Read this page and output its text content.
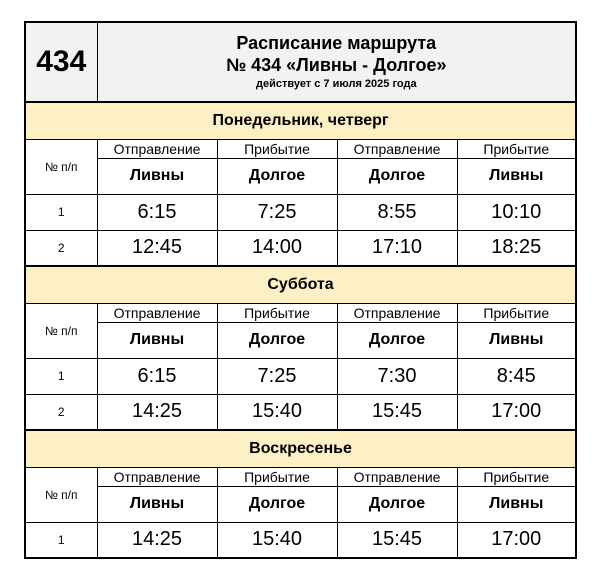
434	Расписание маршрута
№ 434 «Ливны - Долгое»
действует с 7 июля 2025 года			

Понедельник, четверг				
№ п/п	Отправление	Прибытие	Отправление	Прибытие
	Ливны	Долгое	Долгое	Ливны
1	6:15	7:25	8:55	10:10
2	12:45	14:00	17:10	18:25
Суббота				
№ п/п	Отправление	Прибытие	Отправление	Прибытие
	Ливны	Долгое	Долгое	Ливны
1	6:15	7:25	7:30	8:45
2	14:25	15:40	15:45	17:00
Воскресенье				
№ п/п	Отправление	Прибытие	Отправление	Прибытие
	Ливны	Долгое	Долгое	Ливны
1	14:25	15:40	15:45	17:00
